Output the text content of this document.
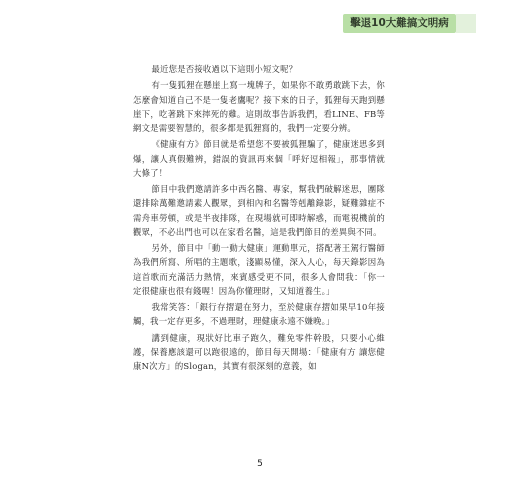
擊退10大難搞文明病

最近您是否接收過以下這則小短文呢？

有一隻狐狸在懸崖上寫一塊牌子，如果你不敢勇敢跳下去，你怎麼會知道自己不是一隻老鷹呢？接下來的日子，狐狸每天跑到懸崖下，吃著跳下來摔死的雞。這則故事告訴我們，看LINE、FB等網文是需要智慧的，很多都是狐狸寫的，我們一定要分辨。

《健康有方》節目就是希望您不要被狐狸騙了，健康迷思多到爆，讓人真假難辨，錯誤的資訊再來個「呼好逗相報」，那事情就大條了！

節目中我們邀請許多中西名醫、專家，幫我們破解迷思，團隊還排除萬難邀請素人觀眾，到相內和名醫等剋離錄影，疑難雜症不需舟車勞頓，或是半夜排隊，在現場就可即時解惑，而電視機前的觀眾，不必出門也可以在家看名醫，這是我們節目的差異與不同。

另外，節目中「動一動大健康」運動單元，搭配著王駕行醫師為我們所寫、所唱的主題歌，淺顯易懂，深入人心，每天錄影因為這首歌而充滿活力熱情，來賓感受更不同，很多人會問我：「你一定很健康也很有錢喔！因為你懂理財，又知道養生。」

我常笑答：「銀行存摺還在努力，至於健康存摺如果早10年接觸，我一定存更多，不過理財，理健康永遠不嫌晚。」

講到健康，現狀好比車子跑久，難免零件幹股，只要小心維護，保養應該還可以跑很遠的，節目每天開場：「健康有方 讓您健康N次方」的Slogan，其實有很深刻的意義，如

5
